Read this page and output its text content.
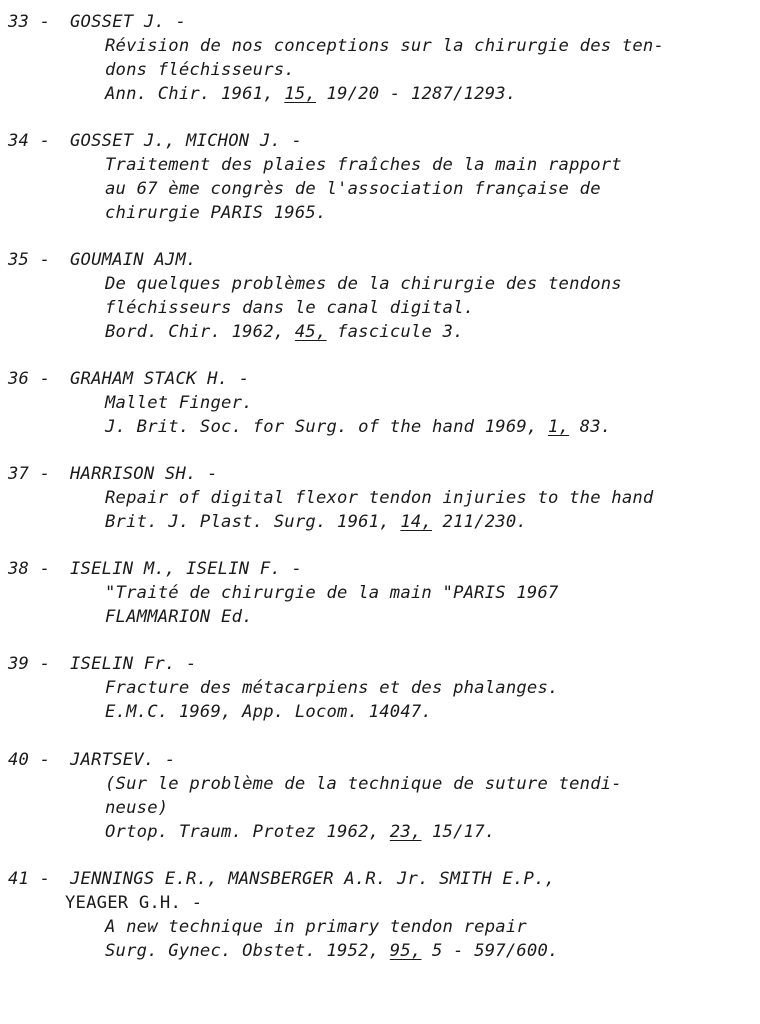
33 - GOSSET J. -
Révision de nos conceptions sur la chirurgie des ten-
dons fléchisseurs.
Ann. Chir. 1961, 15, 19/20 - 1287/1293.
34 - GOSSET J., MICHON J. -
Traitement des plaies fraîches de la main rapport
au 67 ème congrès de l'association française de
chirurgie PARIS 1965.
35 - GOUMAIN AJM.
De quelques problèmes de la chirurgie des tendons
fléchisseurs dans le canal digital.
Bord. Chir. 1962, 45, fascicule 3.
36 - GRAHAM STACK H. -
Mallet Finger.
J. Brit. Soc. for Surg. of the hand 1969, 1, 83.
37 - HARRISON SH. -
Repair of digital flexor tendon injuries to the hand
Brit. J. Plast. Surg. 1961, 14, 211/230.
38 - ISELIN M., ISELIN F. -
"Traité de chirurgie de la main "PARIS 1967
FLAMMARION Ed.
39 - ISELIN Fr. -
Fracture des métacarpiens et des phalanges.
E.M.C. 1969, App. Locom. 14047.
40 - JARTSEV. -
(Sur le problème de la technique de suture tendi-
neuse)
Ortop. Traum. Protez 1962, 23, 15/17.
41 - JENNINGS E.R., MANSBERGER A.R. Jr. SMITH E.P.,
YEAGER G.H. -
A new technique in primary tendon repair
Surg. Gynec. Obstet. 1952, 95, 5 - 597/600.
